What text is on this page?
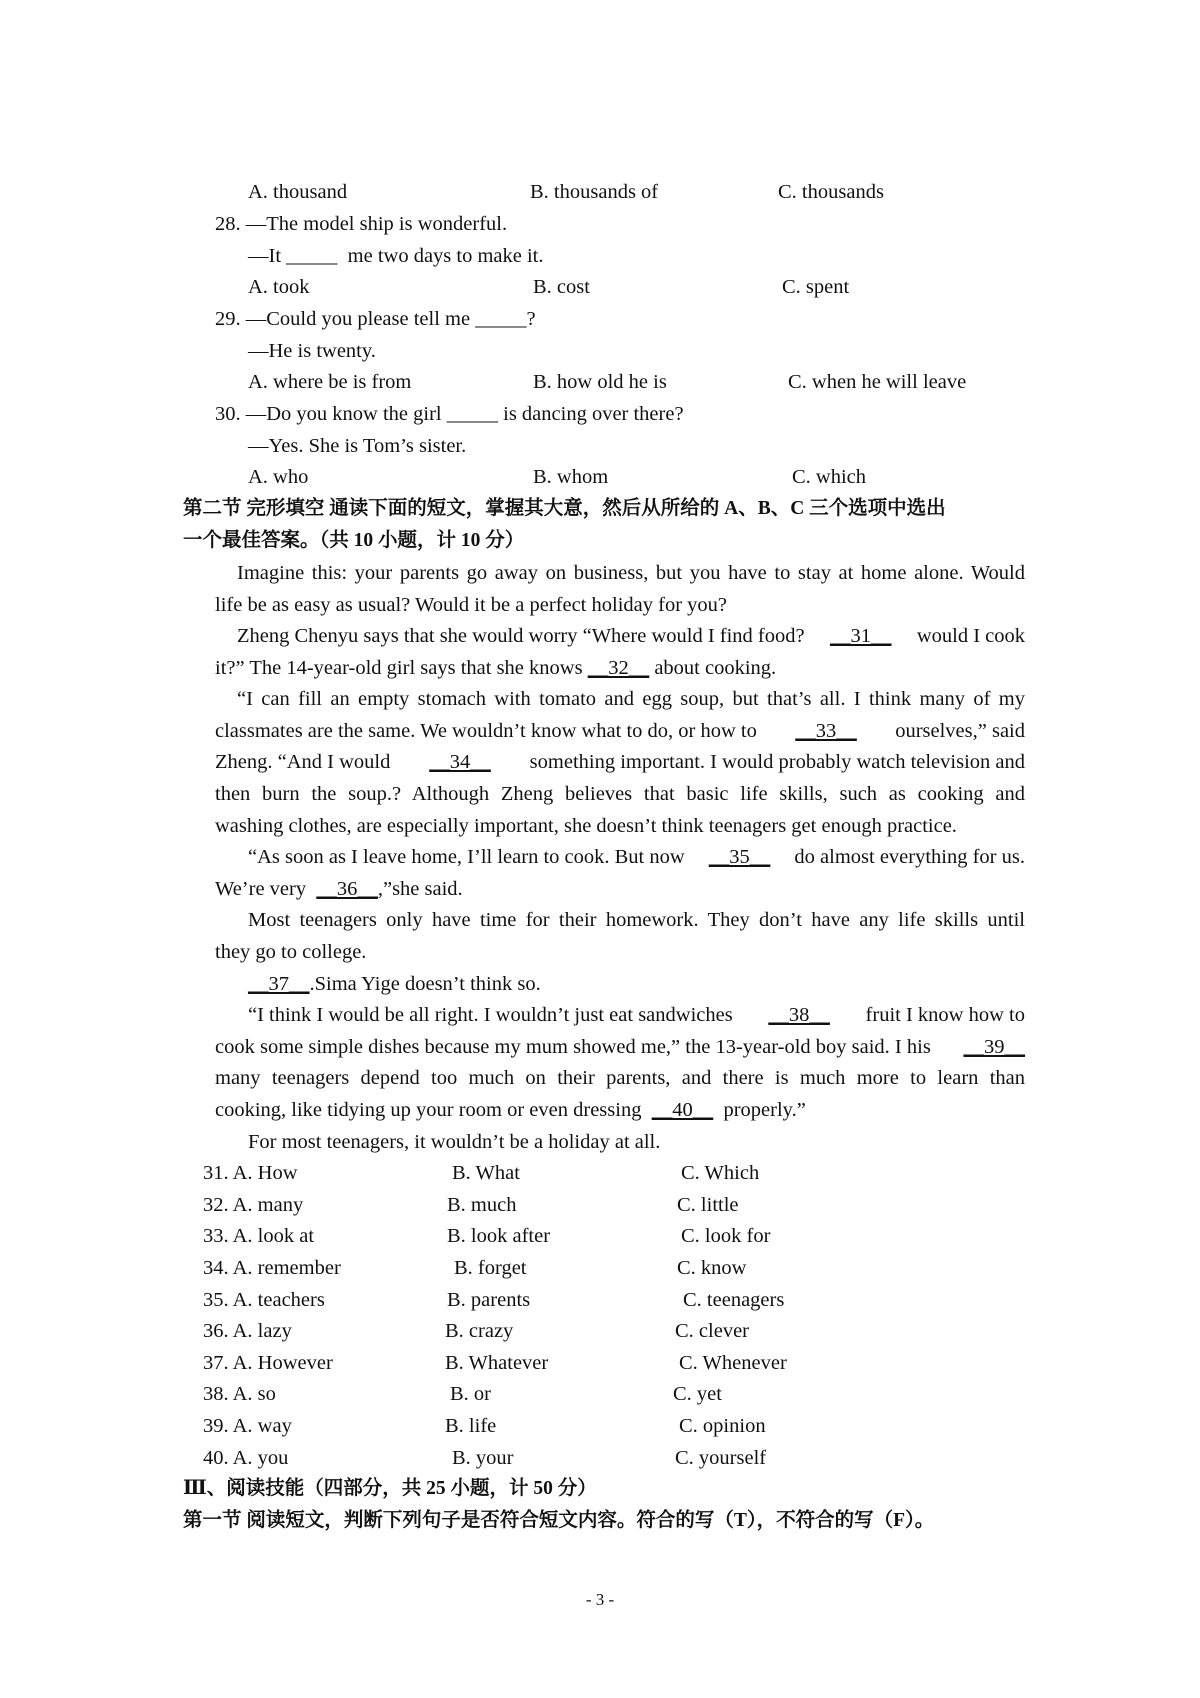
A. thousand	B. thousands of	C. thousands
28. —The model ship is wonderful.
—It _____  me two days to make it.
A. took	B. cost	C. spent
29. —Could you please tell me _____?
—He is twenty.
A. where be is from	B. how old he is	C. when he will leave
30. —Do you know the girl _____ is dancing over there?
—Yes. She is Tom’s sister.
A. who	B. whom	C. which
第二节 完形填空 通读下面的短文，掌握其大意，然后从所给的 A、B、C 三个选项中选出
一个最佳答案。（共 10 小题，计 10 分）
Imagine this: your parents go away on business, but you have to stay at home alone. Would
life be as easy as usual? Would it be a perfect holiday for you?
Zheng Chenyu says that she would worry “Where would I find food? __31__ would I cook
it?” The 14-year-old girl says that she knows __32__ about cooking.
“I can fill an empty stomach with tomato and egg soup, but that’s all. I think many of my
classmates are the same. We wouldn’t know what to do, or how to __33__ ourselves,” said
Zheng. “And I would __34__ something important. I would probably watch television and
then burn the soup.? Although Zheng believes that basic life skills, such as cooking and
washing clothes, are especially important, she doesn’t think teenagers get enough practice.
“As soon as I leave home, I’ll learn to cook. But now __35__ do almost everything for us.
We’re very __36__,”she said.
Most teenagers only have time for their homework. They don’t have any life skills until
they go to college.
__37__.Sima Yige doesn’t think so.
“I think I would be all right. I wouldn’t just eat sandwiches __38__ fruit I know how to
cook some simple dishes because my mum showed me,” the 13-year-old boy said. I his __39__
many teenagers depend too much on their parents, and there is much more to learn than
cooking, like tidying up your room or even dressing __40__ properly.”
For most teenagers, it wouldn’t be a holiday at all.
31. A. How	B. What	C. Which
32. A. many	B. much	C. little
33. A. look at	B. look after	C. look for
34. A. remember	B. forget	C. know
35. A. teachers	B. parents	C. teenagers
36. A. lazy	B. crazy	C. clever
37. A. However	B. Whatever	C. Whenever
38. A. so	B. or	C. yet
39. A. way	B. life	C. opinion
40. A. you	B. your	C. yourself
Ⅲ、阅读技能（四部分，共 25 小题，计 50 分）
第一节 阅读短文，判断下列句子是否符合短文内容。符合的写（T），不符合的写（F）。
- 3 -
